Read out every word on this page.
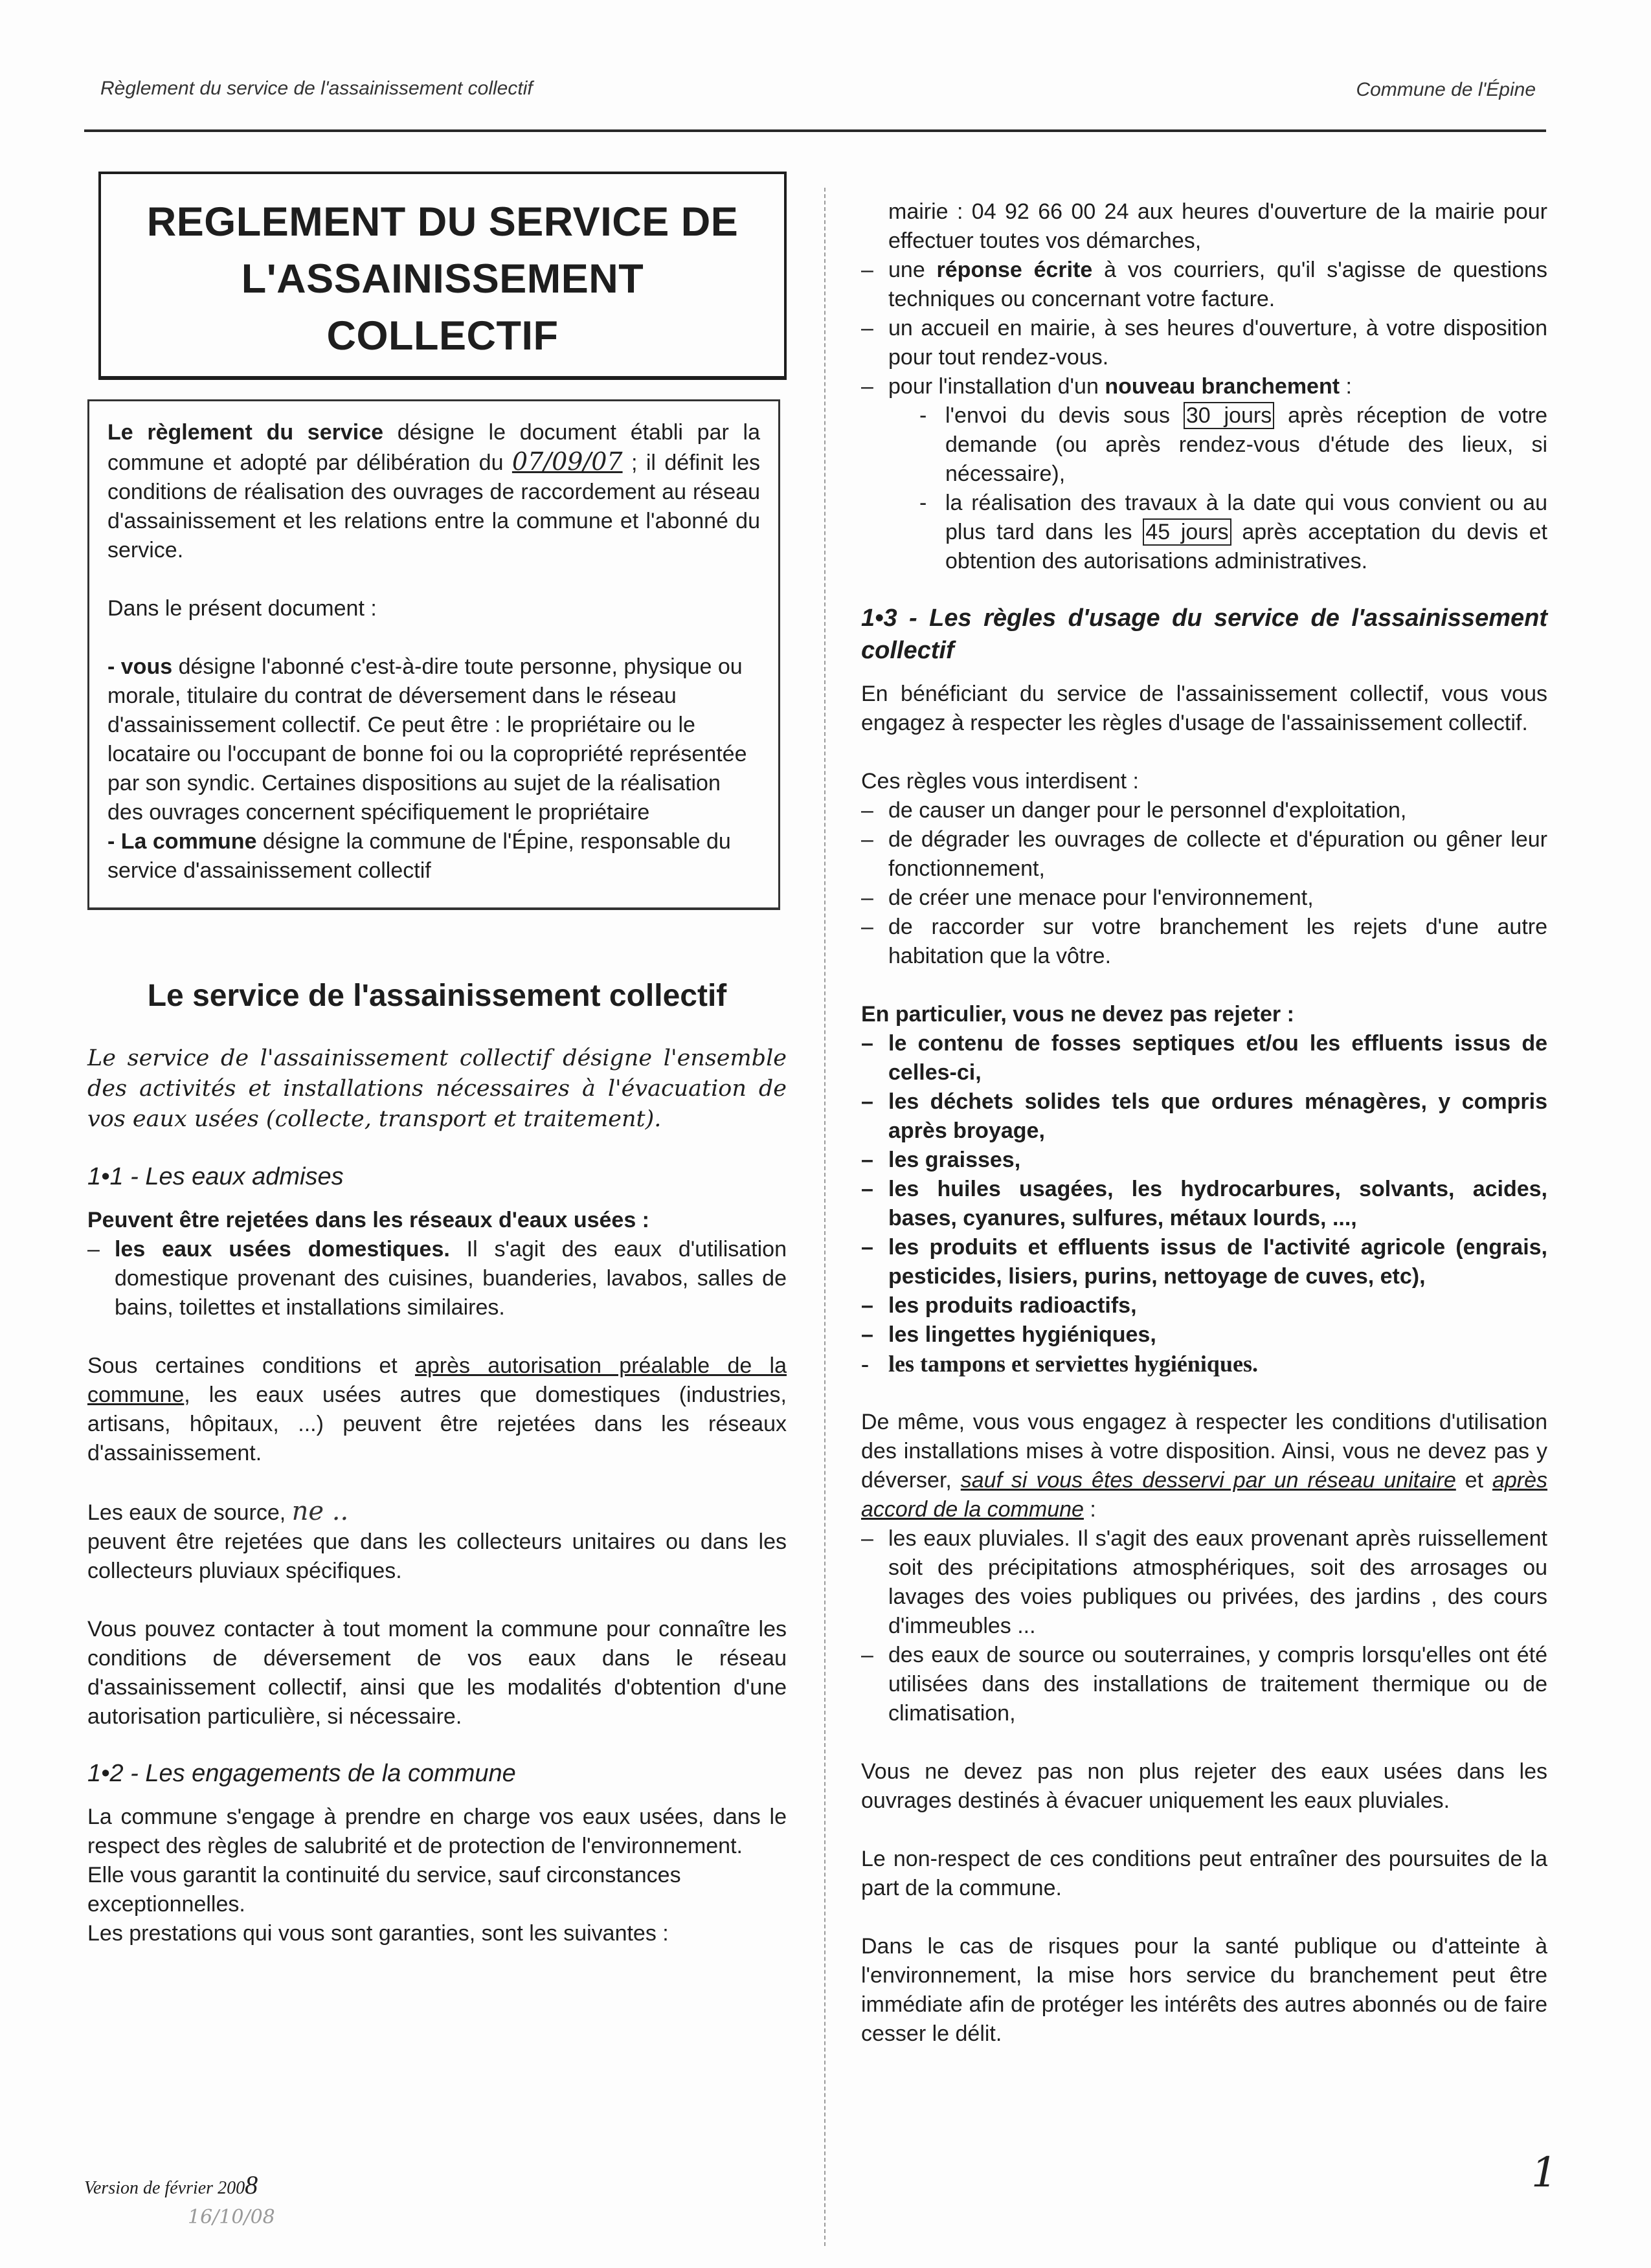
Règlement du service de l'assainissement collectif	Commune de l'Épine
REGLEMENT DU SERVICE DE
L'ASSAINISSEMENT
COLLECTIF

Le règlement du service désigne le document établi par la commune et adopté par délibération du 07/09/07 ; il définit les conditions de réalisation des ouvrages de raccordement au réseau d'assainissement et les relations entre la commune et l'abonné du service.

Dans le présent document :

- vous désigne l'abonné c'est-à-dire toute personne, physique ou morale, titulaire du contrat de déversement dans le réseau d'assainissement collectif. Ce peut être : le propriétaire ou le locataire ou l'occupant de bonne foi ou la copropriété représentée par son syndic. Certaines dispositions au sujet de la réalisation des ouvrages concernent spécifiquement le propriétaire

- La commune désigne la commune de l'Épine, responsable du service d'assainissement collectif

Le service de l'assainissement collectif

Le service de l'assainissement collectif désigne l'ensemble des activités et installations nécessaires à l'évacuation de vos eaux usées (collecte, transport et traitement).

1•1 - Les eaux admises

Peuvent être rejetées dans les réseaux d'eaux usées :

– les eaux usées domestiques. Il s'agit des eaux d'utilisation domestique provenant des cuisines, buanderies, lavabos, salles de bains, toilettes et installations similaires.

Sous certaines conditions et après autorisation préalable de la commune, les eaux usées autres que domestiques (industries, artisans, hôpitaux, ...) peuvent être rejetées dans les réseaux d'assainissement.

Les eaux de source, ne ..

peuvent être rejetées que dans les collecteurs unitaires ou dans les collecteurs pluviaux spécifiques.

Vous pouvez contacter à tout moment la commune pour connaître les conditions de déversement de vos eaux dans le réseau d'assainissement collectif, ainsi que les modalités d'obtention d'une autorisation particulière, si nécessaire.

1•2 - Les engagements de la commune

La commune s'engage à prendre en charge vos eaux usées, dans le respect des règles de salubrité et de protection de l'environnement.

Elle vous garantit la continuité du service, sauf circonstances exceptionnelles.

Les prestations qui vous sont garanties, sont les suivantes :

mairie : 04 92 66 00 24 aux heures d'ouverture de la mairie pour effectuer toutes vos démarches,

– une réponse écrite à vos courriers, qu'il s'agisse de questions techniques ou concernant votre facture.
– un accueil en mairie, à ses heures d'ouverture, à votre disposition pour tout rendez-vous.
– pour l'installation d'un nouveau branchement :
- l'envoi du devis sous 30 jours après réception de votre demande (ou après rendez-vous d'étude des lieux, si nécessaire),
- la réalisation des travaux à la date qui vous convient ou au plus tard dans les 45 jours après acceptation du devis et obtention des autorisations administratives.
1•3 - Les règles d'usage du service de l'assainissement collectif

En bénéficiant du service de l'assainissement collectif, vous vous engagez à respecter les règles d'usage de l'assainissement collectif.

Ces règles vous interdisent :

– de causer un danger pour le personnel d'exploitation,
– de dégrader les ouvrages de collecte et d'épuration ou gêner leur fonctionnement,
– de créer une menace pour l'environnement,
– de raccorder sur votre branchement les rejets d'une autre habitation que la vôtre.

En particulier, vous ne devez pas rejeter :

– le contenu de fosses septiques et/ou les effluents issus de celles-ci,
– les déchets solides tels que ordures ménagères, y compris après broyage,
– les graisses,
– les huiles usagées, les hydrocarbures, solvants, acides, bases, cyanures, sulfures, métaux lourds, ...,
– les produits et effluents issus de l'activité agricole (engrais, pesticides, lisiers, purins, nettoyage de cuves, etc),
– les produits radioactifs,
– les lingettes hygiéniques,
- les tampons et serviettes hygiéniques.

De même, vous vous engagez à respecter les conditions d'utilisation des installations mises à votre disposition. Ainsi, vous ne devez pas y déverser, sauf si vous êtes desservi par un réseau unitaire et après accord de la commune :

– les eaux pluviales. Il s'agit des eaux provenant après ruissellement soit des précipitations atmosphériques, soit des arrosages ou lavages des voies publiques ou privées, des jardins , des cours d'immeubles ...
– des eaux de source ou souterraines, y compris lorsqu'elles ont été utilisées dans des installations de traitement thermique ou de climatisation,

Vous ne devez pas non plus rejeter des eaux usées dans les ouvrages destinés à évacuer uniquement les eaux pluviales.

Le non-respect de ces conditions peut entraîner des poursuites de la part de la commune.

Dans le cas de risques pour la santé publique ou d'atteinte à l'environnement, la mise hors service du branchement peut être immédiate afin de protéger les intérêts des autres abonnés ou de faire cesser le délit.

Version de février 2008
16/10/08
1
